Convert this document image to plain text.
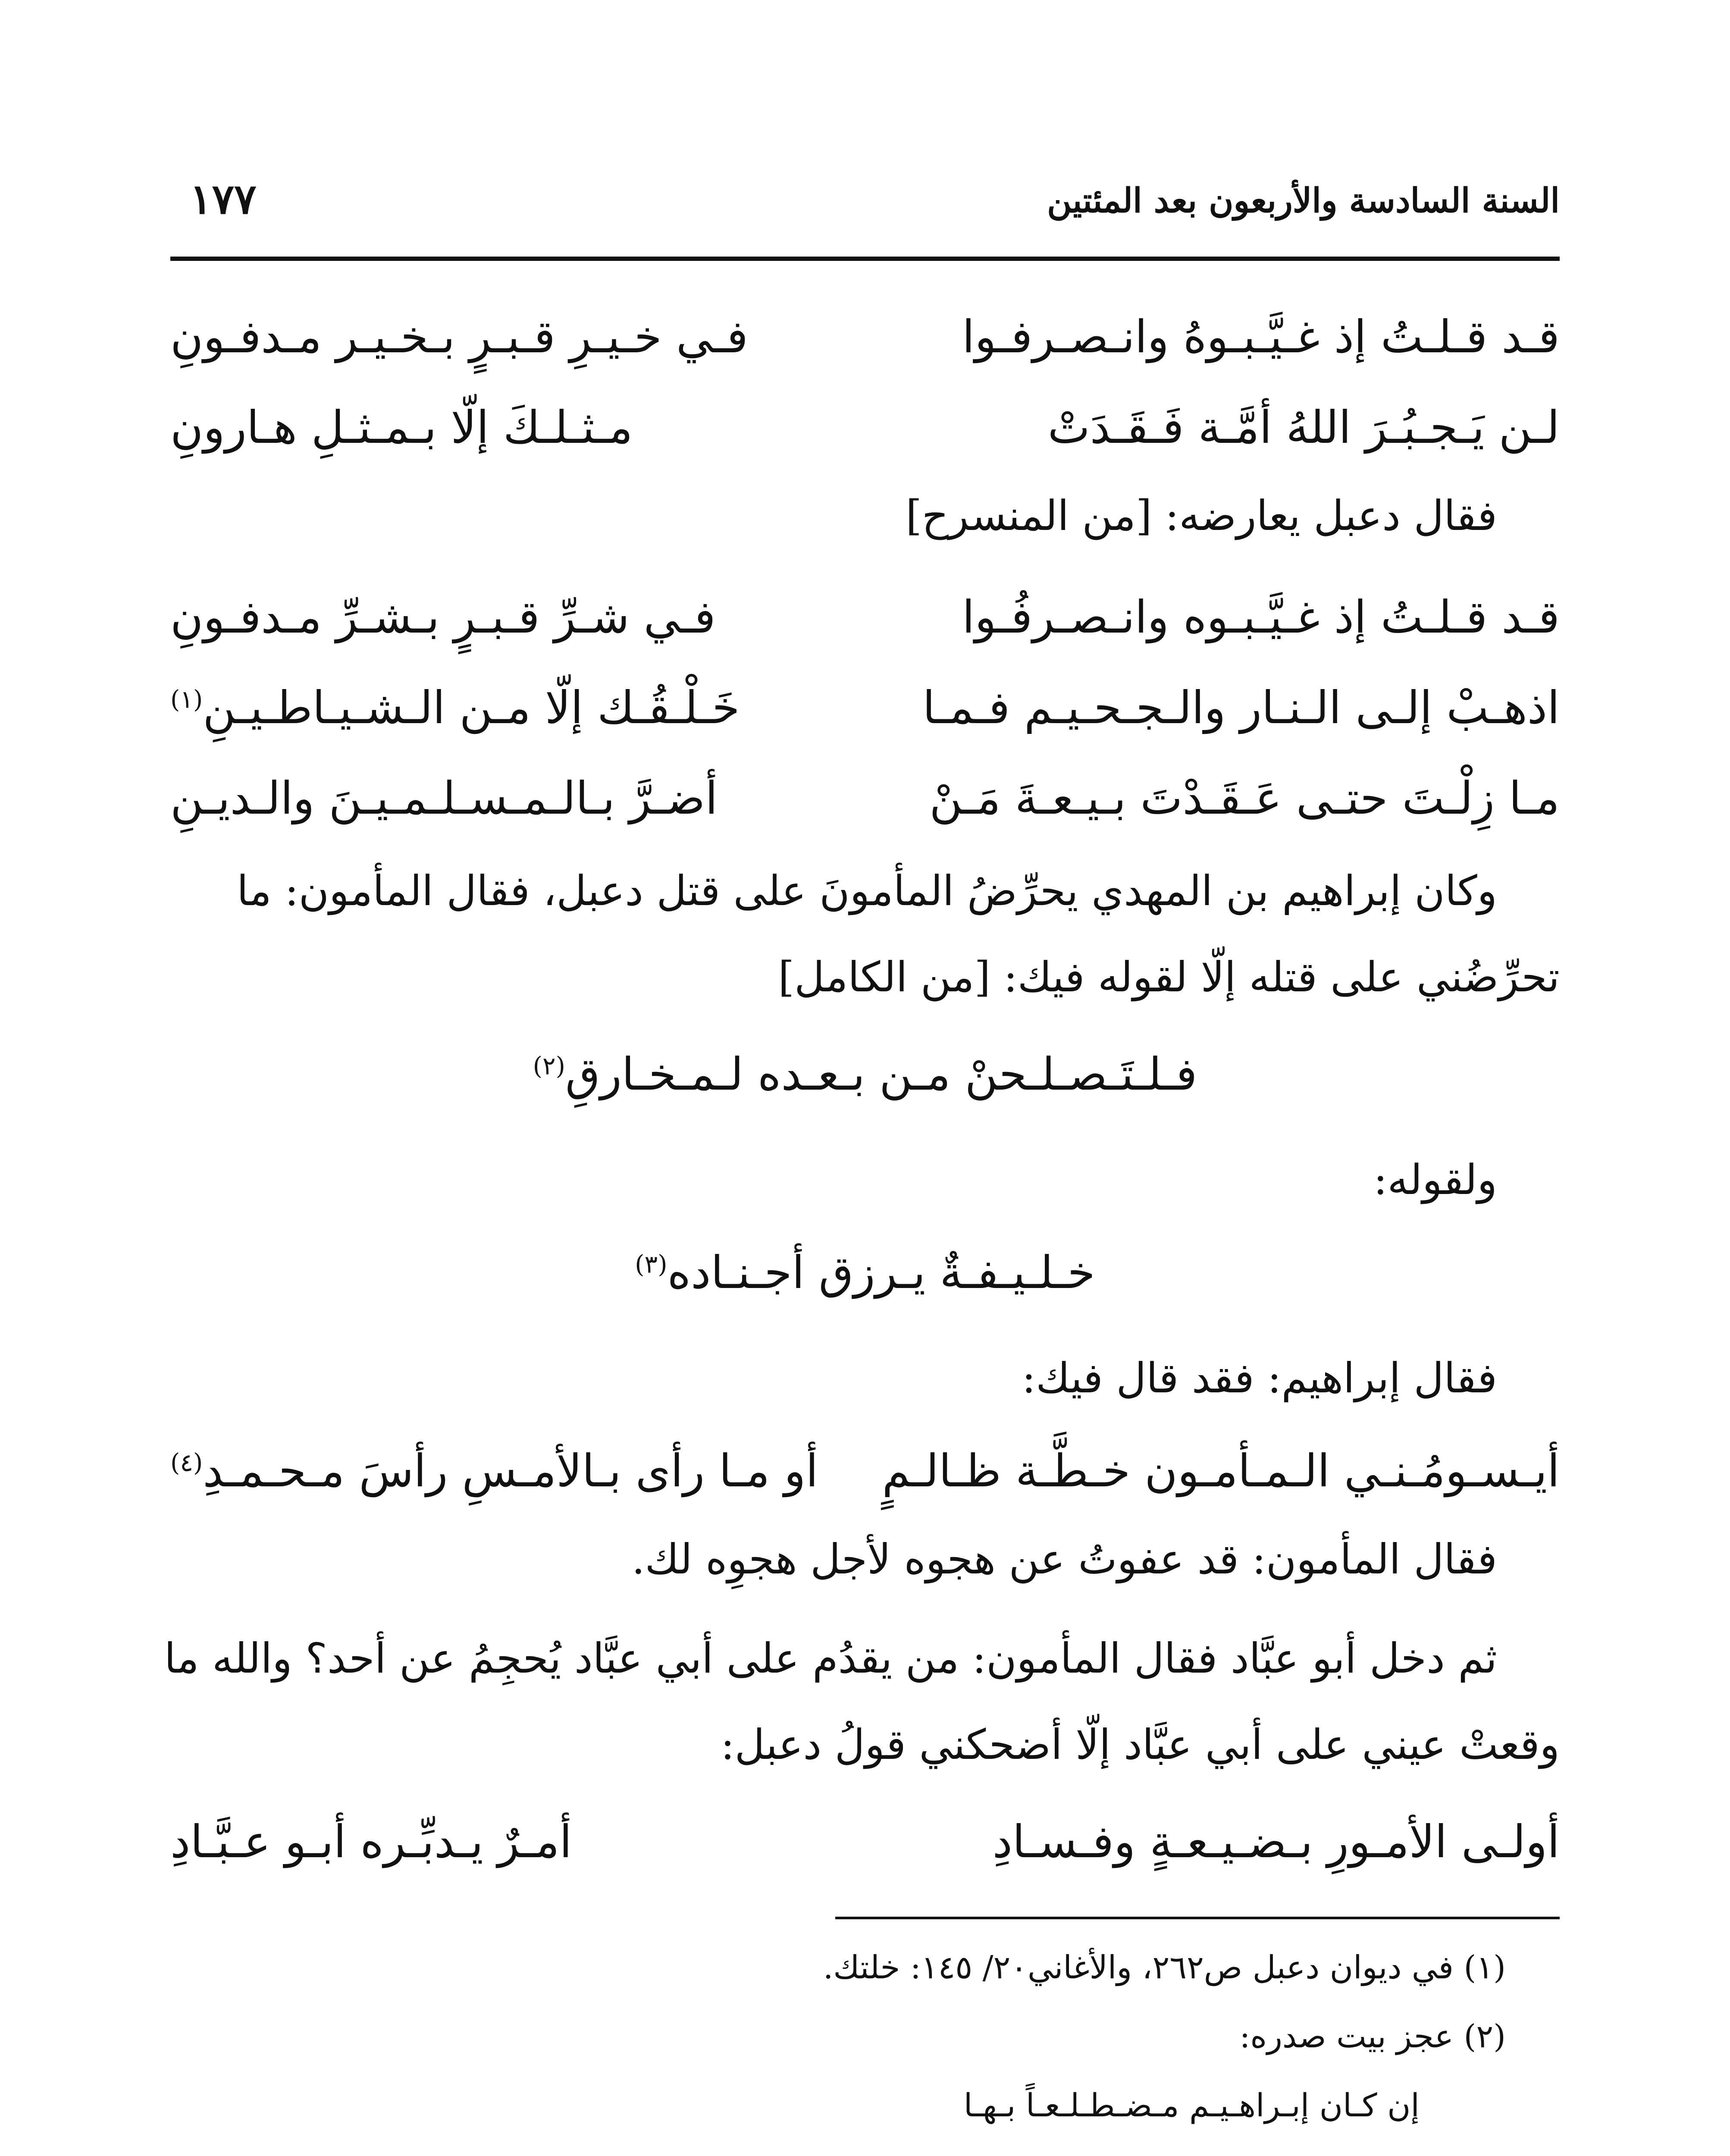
السنة السادسة والأربعون بعد المئتين
١٧٧
قـد قـلـتُ إذ غـيَّـبـوهُ وانـصـرفـوا
فـي خـيـرِ قـبـرٍ بـخـيـر مـدفـونِ
لـن يَـجـبُـرَ اللهُ أمَّـة فَـقَـدَتْ
مـثـلـكَ إلّا بـمـثـلِ هـارونِ
فقال دعبل يعارضه: [من المنسرح]
قـد قـلـتُ إذ غـيَّـبـوه وانـصـرفُـوا
فـي شـرِّ قـبـرٍ بـشـرِّ مـدفـونِ
اذهـبْ إلـى الـنـار والـجـحـيـم فـمـا
خَـلْـقُـك إلّا مـن الـشـيـاطـيـنِ$^{(١)}$
مـا زِلْـتَ حتـى عَـقَـدْتَ بـيـعـةَ مَـنْ
أضـرَّ بـالـمـسـلـمـيـنَ والـديـنِ
وكان إبراهيم بن المهدي يحرِّضُ المأمونَ على قتل دعبل، فقال المأمون: ما
تحرِّضُني على قتله إلّا لقوله فيك: [من الكامل]
فـلـتَـصـلـحنْ مـن بـعـده لـمـخـارقِ$^{(٢)}$
ولقوله:
خـلـيـفـةٌ يـرزق أجـنـاده$^{(٣)}$
فقال إبراهيم: فقد قال فيك:
أيـسـومُـنـي الـمـأمـون خـطَّـة ظـالـمٍ
أو مـا رأى بـالأمـسِ رأسَ مـحـمـدِ$^{(٤)}$
فقال المأمون: قد عفوتُ عن هجوه لأجل هجوِه لك.
ثم دخل أبو عبَّاد فقال المأمون: من يقدُم على أبي عبَّاد يُحجِمُ عن أحد؟ والله ما
وقعتْ عيني على أبي عبَّاد إلّا أضحكني قولُ دعبل:
أولـى الأمـورِ بـضـيـعـةٍ وفـسـادِ
أمـرٌ يـدبِّـره أبـو عـبَّـادِ
(١) في ديوان دعبل ص٢٦٢، والأغاني٢٠/ ١٤٥: خلتك.
(٢) عجز بيت صدره:
إن كـان إبـراهـيـم مـضـطـلـعـاً بـهـا
